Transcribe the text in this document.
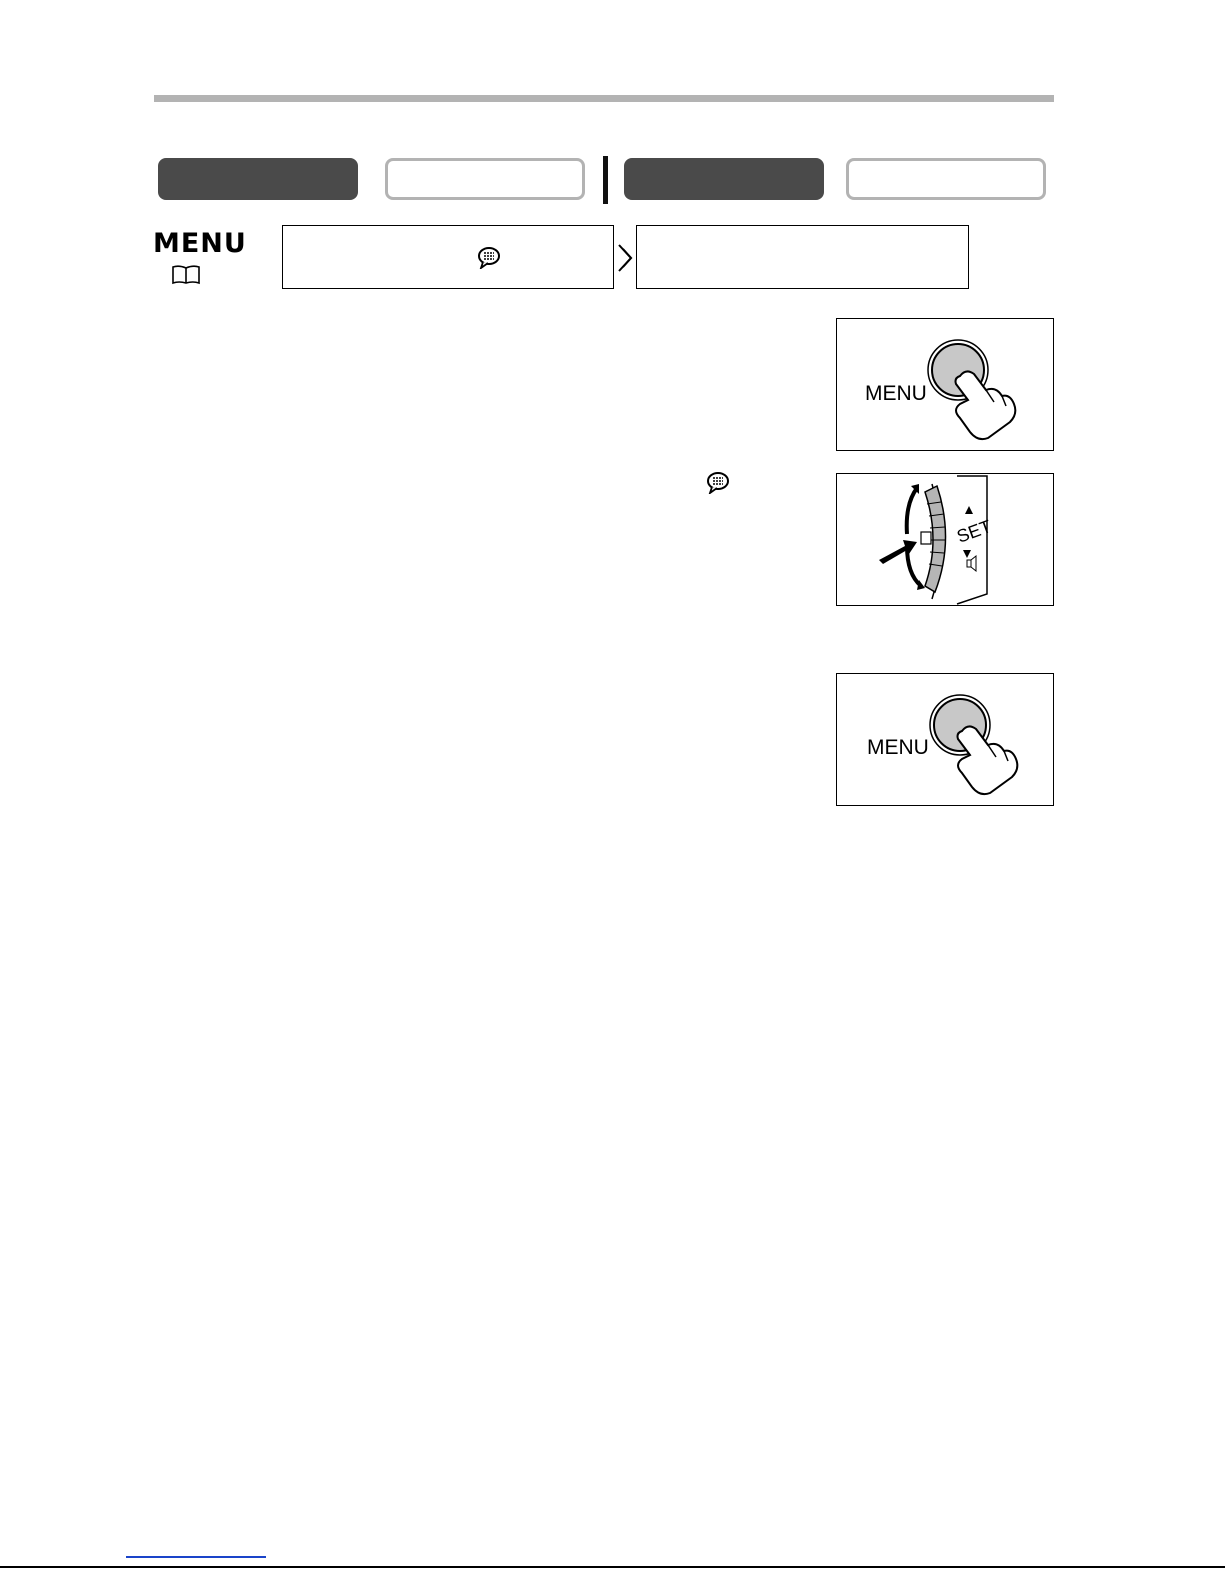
MENU
MENU
SET
MENU
